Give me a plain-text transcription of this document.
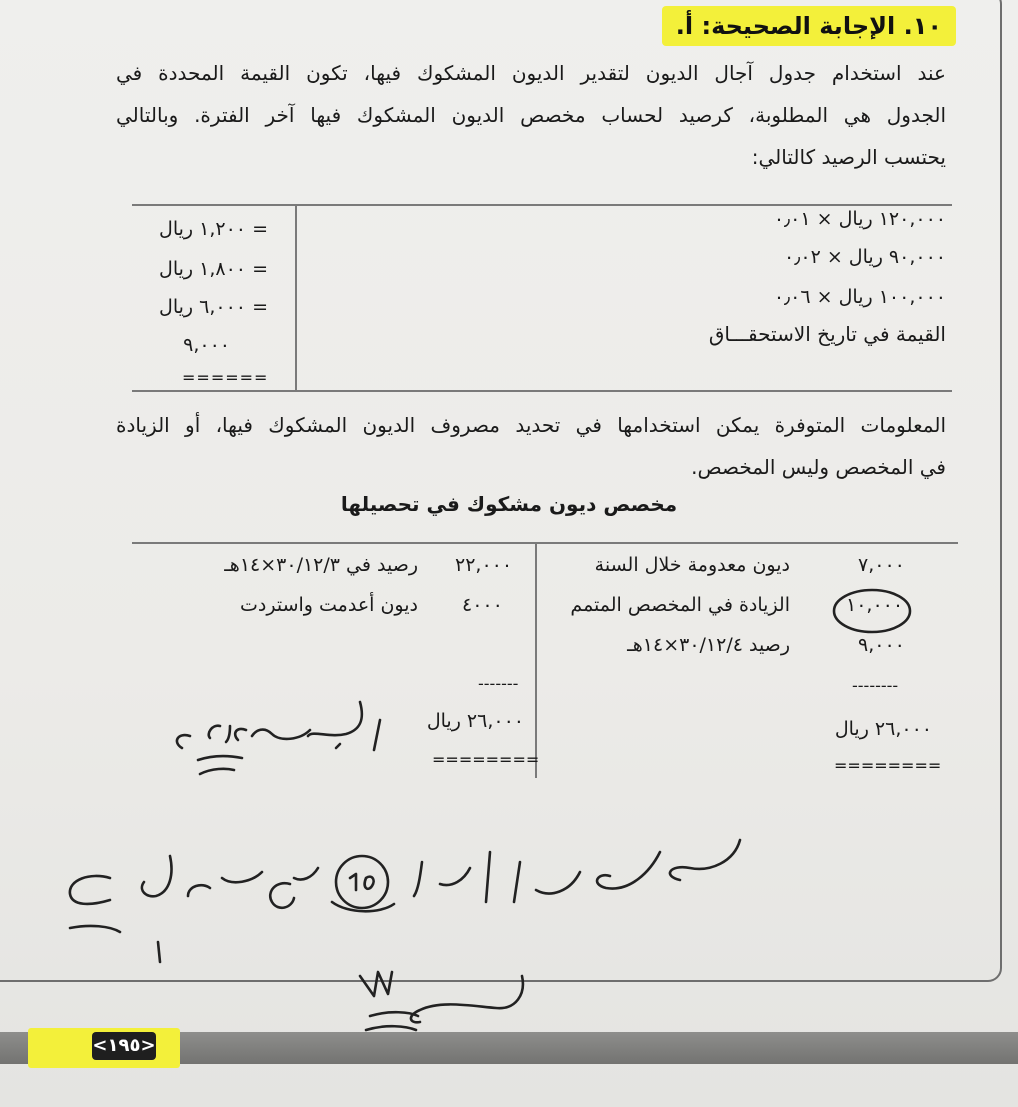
١٠. الإجابة الصحيحة: أ.
عند استخدام جدول آجال الديون لتقدير الديون المشكوك فيها، تكون القيمة المحددة في
الجدول هي المطلوبة، كرصيد لحساب مخصص الديون المشكوك فيها آخر الفترة. وبالتالي
يحتسب الرصيد كالتالي:
١٢٠,٠٠٠ ريال × ٠٫٠١
= ١,٢٠٠ ريال
٩٠,٠٠٠ ريال × ٠٫٠٢
= ١,٨٠٠ ريال
١٠٠,٠٠٠ ريال × ٠٫٠٦
= ٦,٠٠٠ ريال
القيمة في تاريخ الاستحقـــاق
٩,٠٠٠
======
المعلومات المتوفرة يمكن استخدامها في تحديد مصروف الديون المشكوك فيها، أو الزيادة
في المخصص وليس المخصص.
مخصص ديون مشكوك في تحصيلها
٧,٠٠٠
ديون معدومة خلال السنة
١٠,٠٠٠
الزيادة في المخصص المتمم
٩,٠٠٠
رصيد ٣٠/١٢/٤×١٤هـ
--------
٢٦,٠٠٠ ريال
========
٢٢,٠٠٠
رصيد في ٣٠/١٢/٣×١٤هـ
٤٠٠٠
ديون أعدمت واستردت
-------
٢٦,٠٠٠ ريال
========
<١٩٥>
